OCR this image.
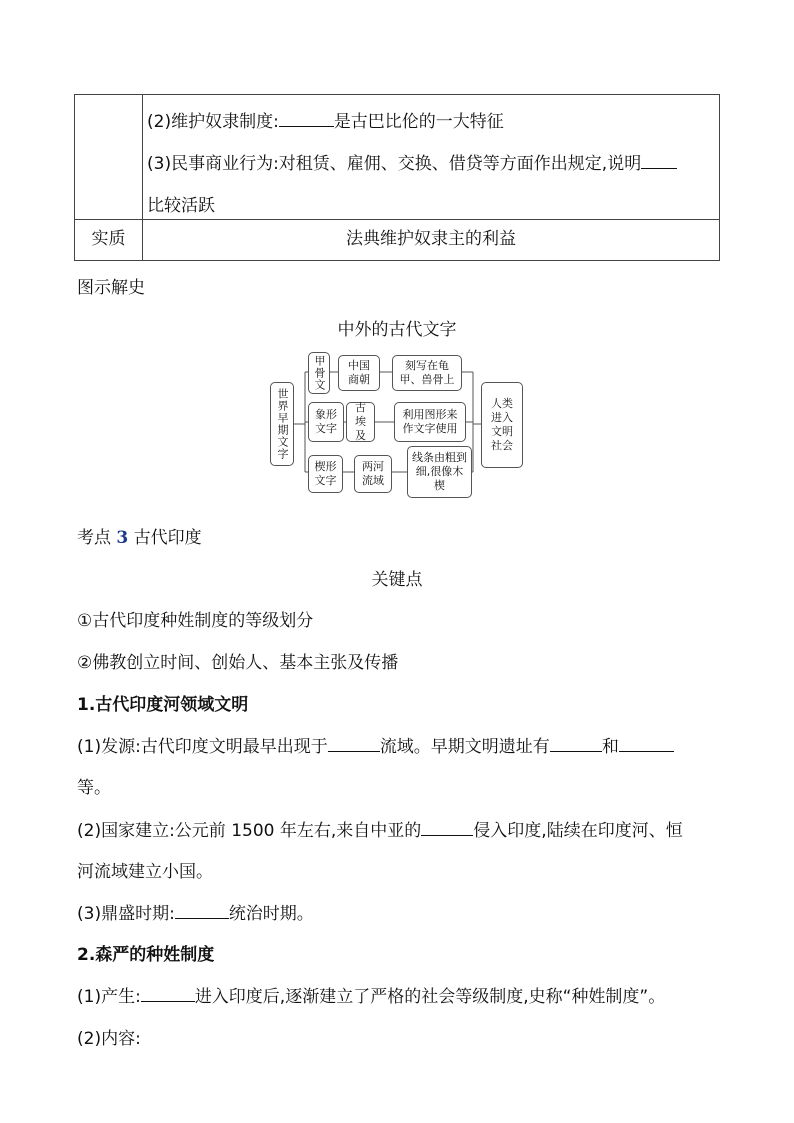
(2)维护奴隶制度:	是古巴比伦的一大特征
(3)民事商业行为:对租赁、雇佣、交换、借贷等方面作出规定,说明
比较活跃
实质	法典维护奴隶主的利益
图示解史
中外的古代文字
世界早期文字
甲骨文	中国商朝
刻写在龟甲、兽骨上
象形文字
古埃及
利用图形来作文字使用
楔形文字
两河流域
线条由粗到细,很像木楔
人类进入文明社会
考点 3 古代印度
关键点
①古代印度种姓制度的等级划分
②佛教创立时间、创始人、基本主张及传播
1.古代印度河领域文明
(1)发源:古代印度文明最早出现于	流域。早期文明遗址有	和
等。
(2)国家建立:公元前 1500 年左右,来自中亚的	侵入印度,陆续在印度河、恒
河流域建立小国。
(3)鼎盛时期:	统治时期。
2.森严的种姓制度
(1)产生:	进入印度后,逐渐建立了严格的社会等级制度,史称“种姓制度”。
(2)内容:
